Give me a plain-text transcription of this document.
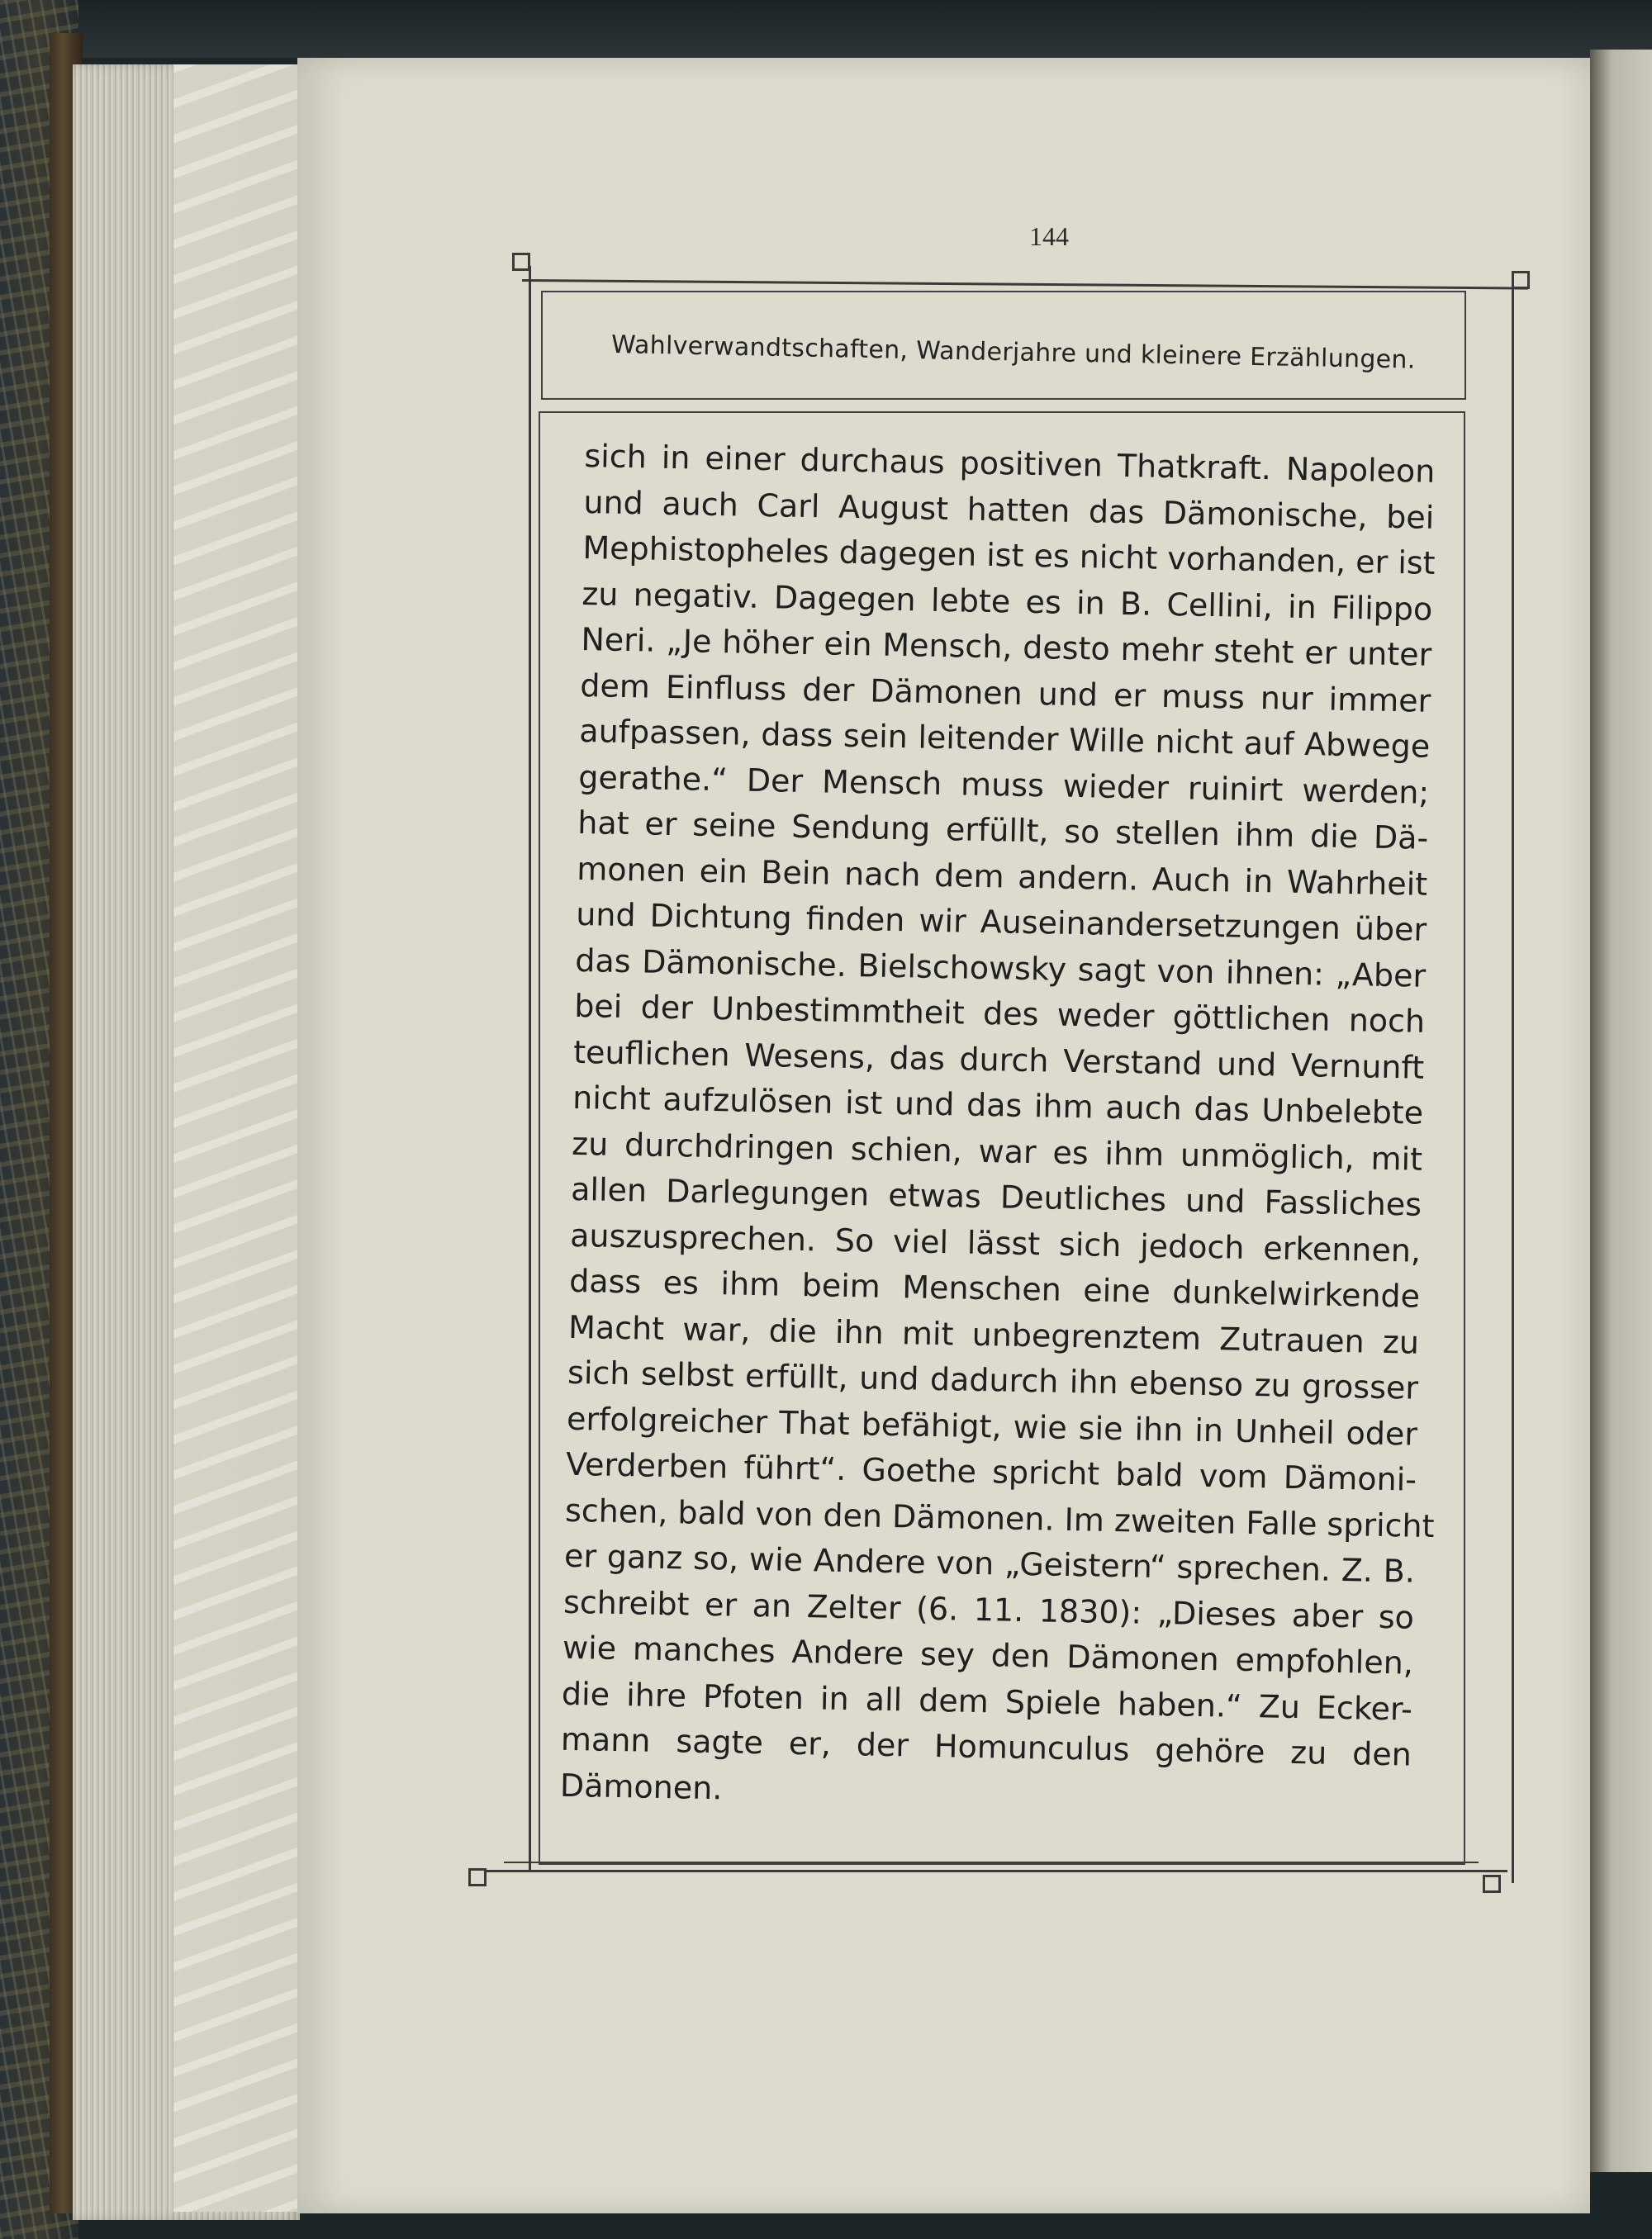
144
Wahlverwandtschaften, Wanderjahre und kleinere Erzählungen.
sich in einer durchaus positiven Thatkraft. Napoleon
und auch Carl August hatten das Dämonische, bei
Mephistopheles dagegen ist es nicht vorhanden, er ist
zu negativ. Dagegen lebte es in B. Cellini, in Filippo
Neri. „Je höher ein Mensch, desto mehr steht er unter
dem Einfluss der Dämonen und er muss nur immer
aufpassen, dass sein leitender Wille nicht auf Abwege
gerathe.“ Der Mensch muss wieder ruinirt werden;
hat er seine Sendung erfüllt, so stellen ihm die Dä-
monen ein Bein nach dem andern. Auch in Wahrheit
und Dichtung finden wir Auseinandersetzungen über
das Dämonische. Bielschowsky sagt von ihnen: „Aber
bei der Unbestimmtheit des weder göttlichen noch
teuflichen Wesens, das durch Verstand und Vernunft
nicht aufzulösen ist und das ihm auch das Unbelebte
zu durchdringen schien, war es ihm unmöglich, mit
allen Darlegungen etwas Deutliches und Fassliches
auszusprechen. So viel lässt sich jedoch erkennen,
dass es ihm beim Menschen eine dunkelwirkende
Macht war, die ihn mit unbegrenztem Zutrauen zu
sich selbst erfüllt, und dadurch ihn ebenso zu grosser
erfolgreicher That befähigt, wie sie ihn in Unheil oder
Verderben führt“. Goethe spricht bald vom Dämoni-
schen, bald von den Dämonen. Im zweiten Falle spricht
er ganz so, wie Andere von „Geistern“ sprechen. Z. B.
schreibt er an Zelter (6. 11. 1830): „Dieses aber so
wie manches Andere sey den Dämonen empfohlen,
die ihre Pfoten in all dem Spiele haben.“ Zu Ecker-
mann sagte er, der Homunculus gehöre zu den
Dämonen.
